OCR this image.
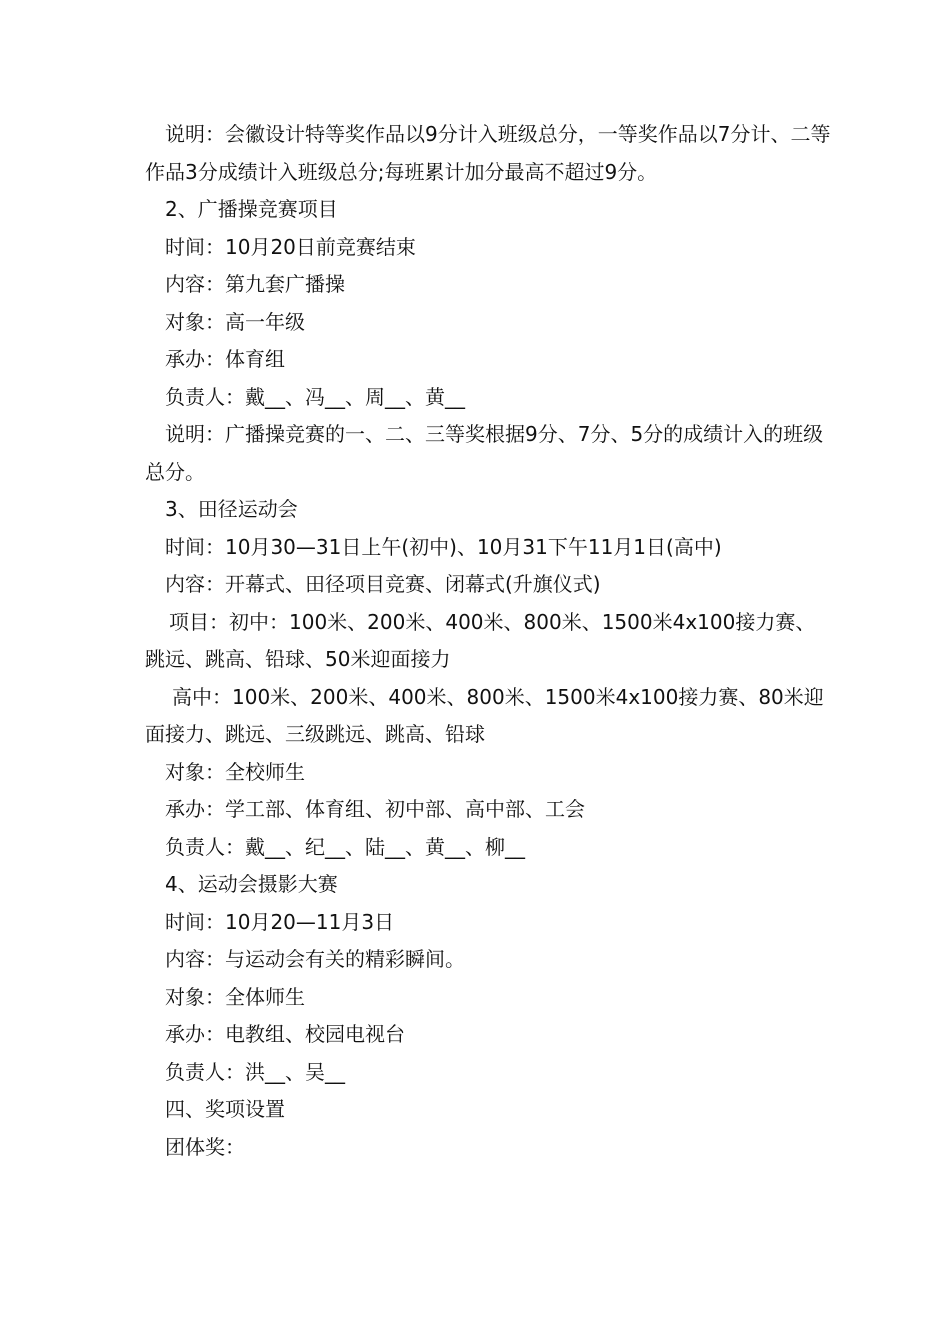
说明：会徽设计特等奖作品以9分计入班级总分，一等奖作品以7分计、二等作品3分成绩计入班级总分;每班累计加分最高不超过9分。

2、广播操竞赛项目

时间：10月20日前竞赛结束

内容：第九套广播操

对象：高一年级

承办：体育组

负责人：戴__、冯__、周__、黄__

说明：广播操竞赛的一、二、三等奖根据9分、7分、5分的成绩计入的班级总分。

3、田径运动会

时间：10月30—31日上午(初中)、10月31下午11月1日(高中)

内容：开幕式、田径项目竞赛、闭幕式(升旗仪式)

项目：初中：100米、200米、400米、800米、1500米4x100接力赛、跳远、跳高、铅球、50米迎面接力

高中：100米、200米、400米、800米、1500米4x100接力赛、80米迎面接力、跳远、三级跳远、跳高、铅球

对象：全校师生

承办：学工部、体育组、初中部、高中部、工会

负责人：戴__、纪__、陆__、黄__、柳__

4、运动会摄影大赛

时间：10月20—11月3日

内容：与运动会有关的精彩瞬间。

对象：全体师生

承办：电教组、校园电视台

负责人：洪__、吴__

四、奖项设置

团体奖：
